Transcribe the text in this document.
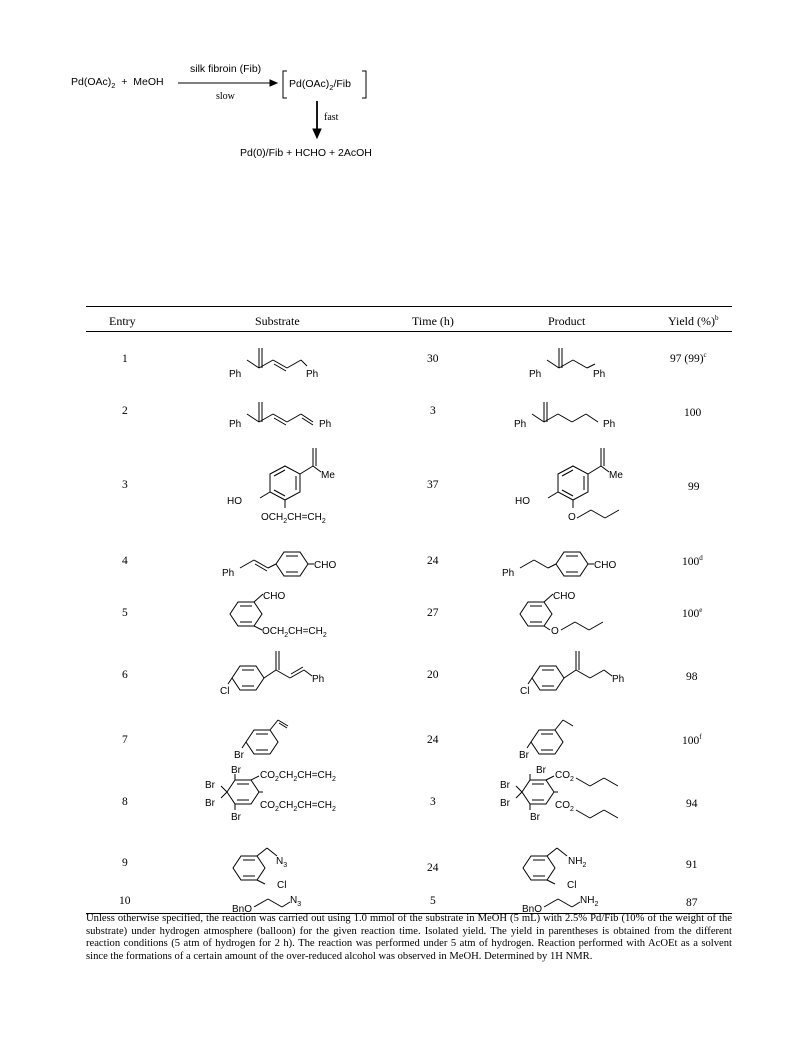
$Pd(OAc)_2$  +  MeOH
silk fibroin (Fib)
slow
$Pd(OAc)_2$/Fib
fast
Pd(0)/Fib + HCHO + 2AcOH
Entry	Substrate	Time (h)	Product	Yield (%)$^b$
1	30	97 $(99)^c$
2	3	100
3	37	99
4	24	100$^d$
5	27	100e
6	20	98
7	24	100$^f$
8	3	94
9	24	91
10	5	87
Ph	Ph	Ph	Ph
Ph	Ph	Ph	Ph
Me
HO
$OCH_2CH=CH_2$
Me
HO
O
Ph
CHO
Ph
CHO
CHO
$OCH_2CH=CH_2$
CHO
O
Cl
Ph
Cl
Ph
Br	Br
Br
Br
Br
Br
$CO_2CH_2CH=CH_2$
$CO_2CH_2CH=CH_2$
Br
Br
Br
Br
$CO_2$
$CO_2$
$N_3$
Cl
$NH_2$
Cl
BnO
$N_3$	BnO
$NH_2$
Unless otherwise specified, the reaction was carried out using 1.0 mmol of the substrate in MeOH (5 mL) with 2.5% Pd/Fib (10% of the weight of the substrate) under hydrogen atmosphere (balloon) for the given reaction time. Isolated yield. The yield in parentheses is obtained from the different reaction conditions (5 atm of hydrogen for 2 h). The reaction was performed under 5 atm of hydrogen. Reaction performed with AcOEt as a solvent since the formations of a certain amount of the over-reduced alcohol was observed in MeOH. Determined by 1H NMR.
